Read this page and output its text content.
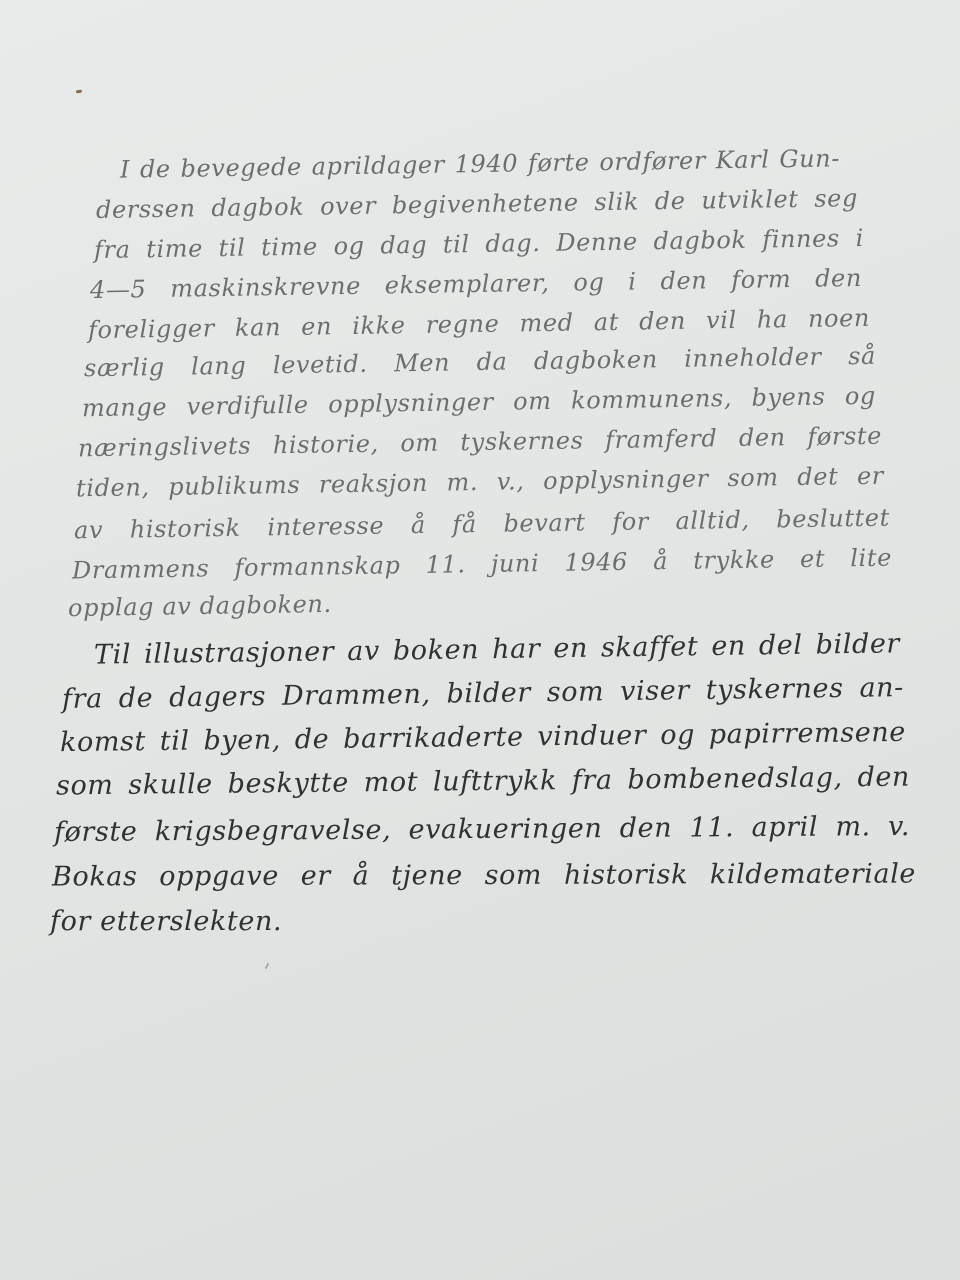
I de bevegede aprildager 1940 førte ordfører Karl Gun-
derssen dagbok over begivenhetene slik de utviklet seg
fra time til time og dag til dag. Denne dagbok finnes i
4—5 maskinskrevne eksemplarer, og i den form den
foreligger kan en ikke regne med at den vil ha noen
særlig lang levetid. Men da dagboken inneholder så
mange verdifulle opplysninger om kommunens, byens og
næringslivets historie, om tyskernes framferd den første
tiden, publikums reaksjon m. v., opplysninger som det er
av historisk interesse å få bevart for alltid, besluttet
Drammens formannskap 11. juni 1946 å trykke et lite
opplag av dagboken.
Til illustrasjoner av boken har en skaffet en del bilder
fra de dagers Drammen, bilder som viser tyskernes an-
komst til byen, de barrikaderte vinduer og papirremsene
som skulle beskytte mot lufttrykk fra bombenedslag, den
første krigsbegravelse, evakueringen den 11. april m. v.
Bokas oppgave er å tjene som historisk kildemateriale
for etterslekten.
